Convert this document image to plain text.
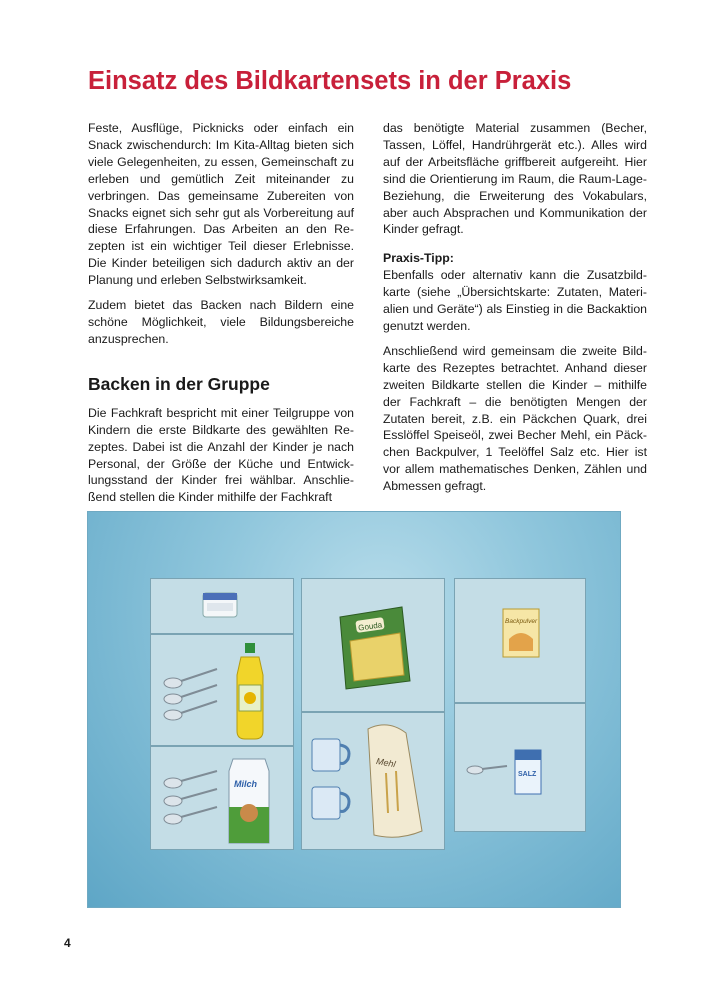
Einsatz des Bildkartensets in der Praxis

Feste, Ausflüge, Picknicks oder einfach ein Snack zwischendurch: Im Kita-Alltag bieten sich viele Gelegenheiten, zu essen, Gemeinschaft zu erleben und gemütlich Zeit miteinander zu verbringen. Das gemeinsame Zubereiten von Snacks eignet sich sehr gut als Vorbereitung auf diese Erfahrungen. Das Arbeiten an den Rezepten ist ein wichtiger Teil dieser Erlebnisse. Die Kinder beteiligen sich dadurch aktiv an der Planung und erleben Selbstwirksamkeit.

Zudem bietet das Backen nach Bildern eine schöne Möglichkeit, viele Bildungsbereiche anzusprechen.

Backen in der Gruppe

Die Fachkraft bespricht mit einer Teilgruppe von Kindern die erste Bildkarte des gewählten Rezeptes. Dabei ist die Anzahl der Kinder je nach Personal, der Größe der Küche und Entwicklungsstand der Kinder frei wählbar. Anschließend stellen die Kinder mithilfe der Fachkraft

das benötigte Material zusammen (Becher, Tassen, Löffel, Handrührgerät etc.). Alles wird auf der Arbeitsfläche griffbereit aufgereiht. Hier sind die Orientierung im Raum, die Raum-Lage-Beziehung, die Erweiterung des Vokabulars, aber auch Absprachen und Kommunikation der Kinder gefragt.

Praxis-Tipp:

Ebenfalls oder alternativ kann die Zusatzbildkarte (siehe „Übersichtskarte: Zutaten, Materialien und Geräte“) als Einstieg in die Backaktion genutzt werden.

Anschließend wird gemeinsam die zweite Bildkarte des Rezeptes betrachtet. Anhand dieser zweiten Bildkarte stellen die Kinder – mithilfe der Fachkraft – die benötigten Mengen der Zutaten bereit, z.B. ein Päckchen Quark, drei Esslöffel Speiseöl, zwei Becher Mehl, ein Päckchen Backpulver, 1 Teelöffel Salz etc. Hier ist vor allem mathematisches Denken, Zählen und Abmessen gefragt.

Milch
Gouda
Mehl
Backpulver
SALZ
4
